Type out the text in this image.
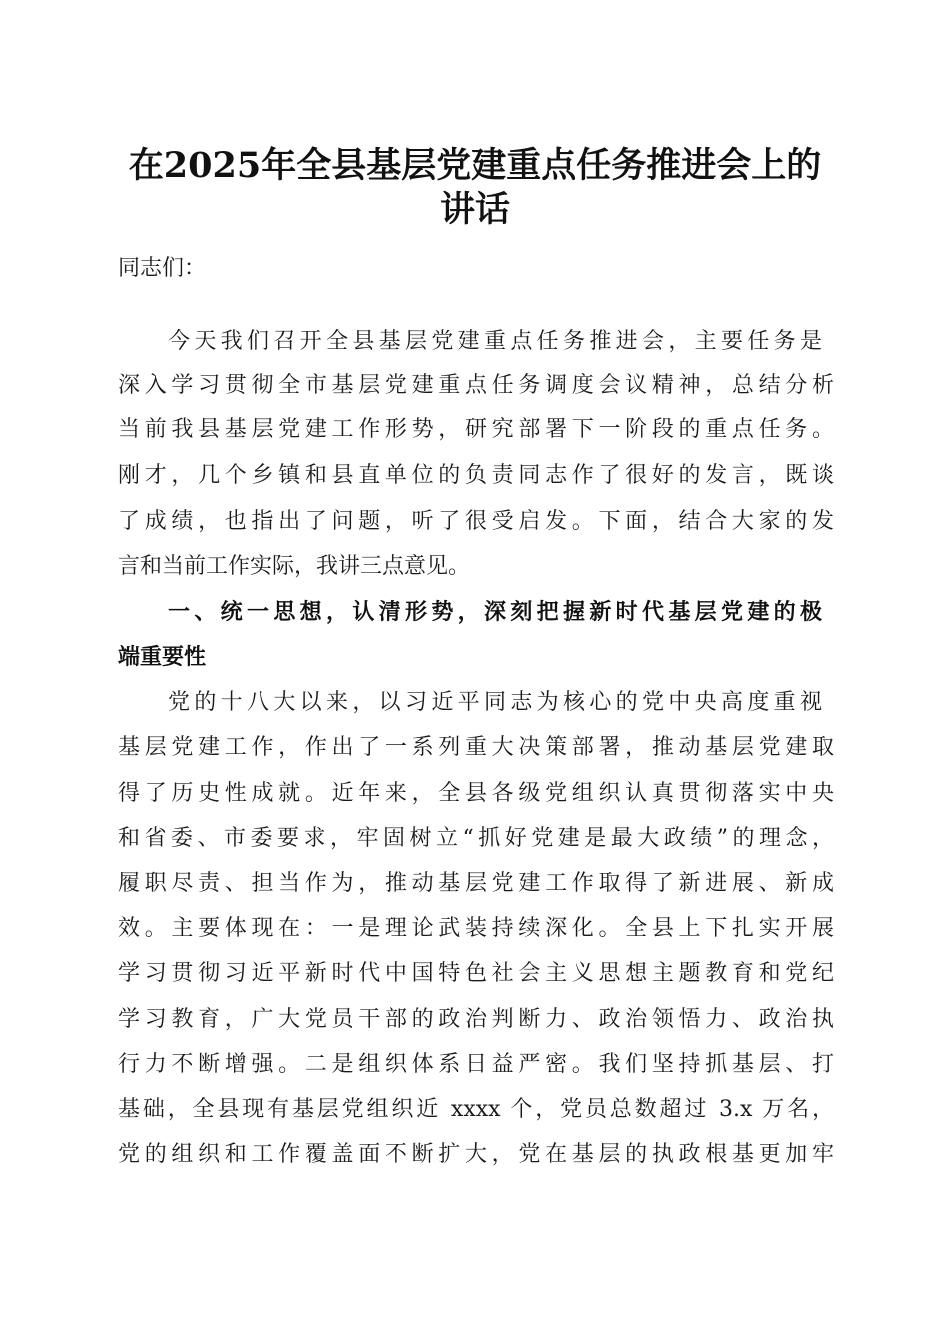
在2025年全县基层党建重点任务推进会上的
讲话
同志们：
今天我们召开全县基层党建重点任务推进会，主要任务是
深入学习贯彻全市基层党建重点任务调度会议精神，总结分析
当前我县基层党建工作形势，研究部署下一阶段的重点任务。
刚才，几个乡镇和县直单位的负责同志作了很好的发言，既谈
了成绩，也指出了问题，听了很受启发。下面，结合大家的发
言和当前工作实际，我讲三点意见。
一、统一思想，认清形势，深刻把握新时代基层党建的极
端重要性
党的十八大以来，以习近平同志为核心的党中央高度重视
基层党建工作，作出了一系列重大决策部署，推动基层党建取
得了历史性成就。近年来，全县各级党组织认真贯彻落实中央
和省委、市委要求，牢固树立“抓好党建是最大政绩”的理念，
履职尽责、担当作为，推动基层党建工作取得了新进展、新成
效。主要体现在：一是理论武装持续深化。全县上下扎实开展
学习贯彻习近平新时代中国特色社会主义思想主题教育和党纪
学习教育，广大党员干部的政治判断力、政治领悟力、政治执
行力不断增强。二是组织体系日益严密。我们坚持抓基层、打
基础，全县现有基层党组织近 xxxx 个，党员总数超过 3.x 万名，
党的组织和工作覆盖面不断扩大，党在基层的执政根基更加牢
